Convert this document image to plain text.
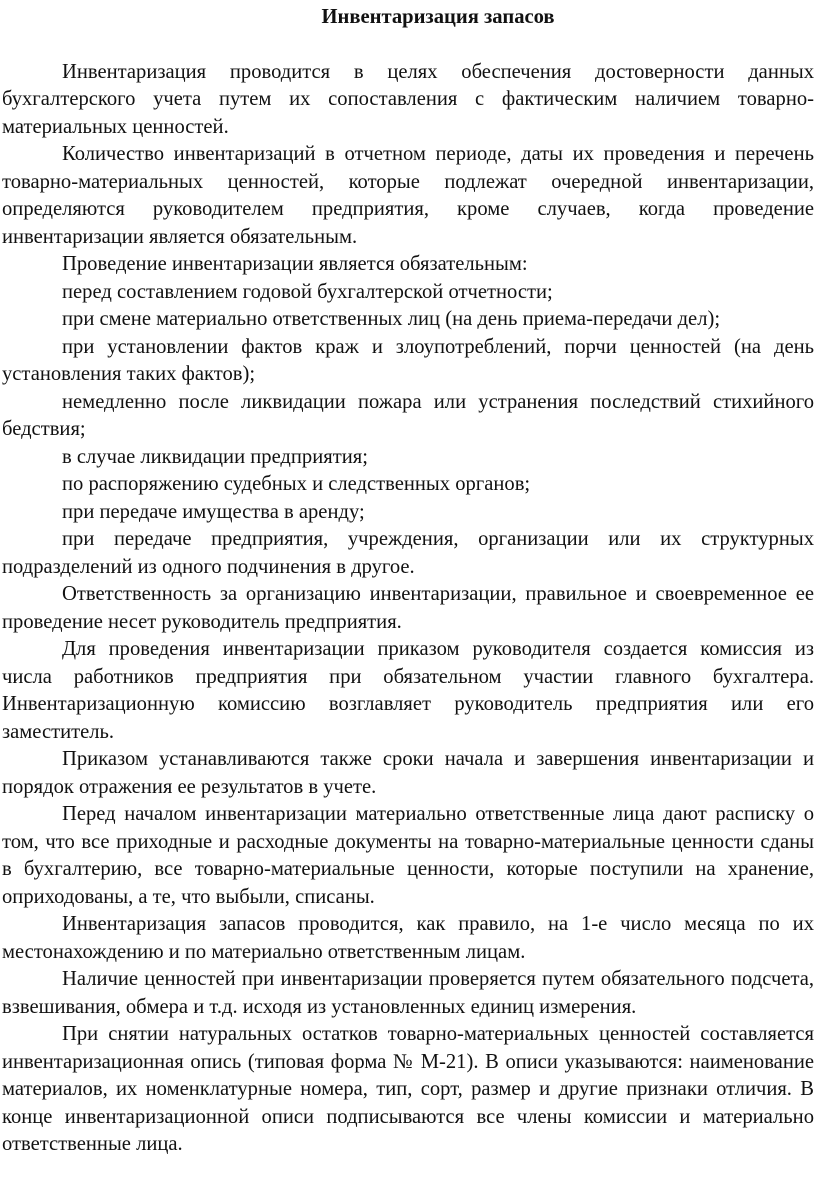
Инвентаризация запасов

Инвентаризация проводится в целях обеспечения достоверности данных бухгалтерского учета путем их сопоставления с фактическим наличием товарно-материальных ценностей.

Количество инвентаризаций в отчетном периоде, даты их проведения и перечень товарно-материальных ценностей, которые подлежат очередной инвентаризации, определяются руководителем предприятия, кроме случаев, когда проведение инвентаризации является обязательным.

Проведение инвентаризации является обязательным:

перед составлением годовой бухгалтерской отчетности;

при смене материально ответственных лиц (на день приема-передачи дел);

при установлении фактов краж и злоупотреблений, порчи ценностей (на день установления таких фактов);

немедленно после ликвидации пожара или устранения последствий стихийного бедствия;

в случае ликвидации предприятия;

по распоряжению судебных и следственных органов;

при передаче имущества в аренду;

при передаче предприятия, учреждения, организации или их структурных подразделений из одного подчинения в другое.

Ответственность за организацию инвентаризации, правильное и своевременное ее проведение несет руководитель предприятия.

Для проведения инвентаризации приказом руководителя создается комиссия из числа работников предприятия при обязательном участии главного бухгалтера. Инвентаризационную комиссию возглавляет руководитель предприятия или его заместитель.

Приказом устанавливаются также сроки начала и завершения инвентаризации и порядок отражения ее результатов в учете.

Перед началом инвентаризации материально ответственные лица дают расписку о том, что все приходные и расходные документы на товарно-материальные ценности сданы в бухгалтерию, все товарно-материальные ценности, которые поступили на хранение, оприходованы, а те, что выбыли, списаны.

Инвентаризация запасов проводится, как правило, на 1-е число месяца по их местонахождению и по материально ответственным лицам.

Наличие ценностей при инвентаризации проверяется путем обязательного подсчета, взвешивания, обмера и т.д. исходя из установленных единиц измерения.

При снятии натуральных остатков товарно-материальных ценностей составляется инвентаризационная опись (типовая форма № М-21). В описи указываются: наименование материалов, их номенклатурные номера, тип, сорт, размер и другие признаки отличия. В конце инвентаризационной описи подписываются все члены комиссии и материально ответственные лица.
